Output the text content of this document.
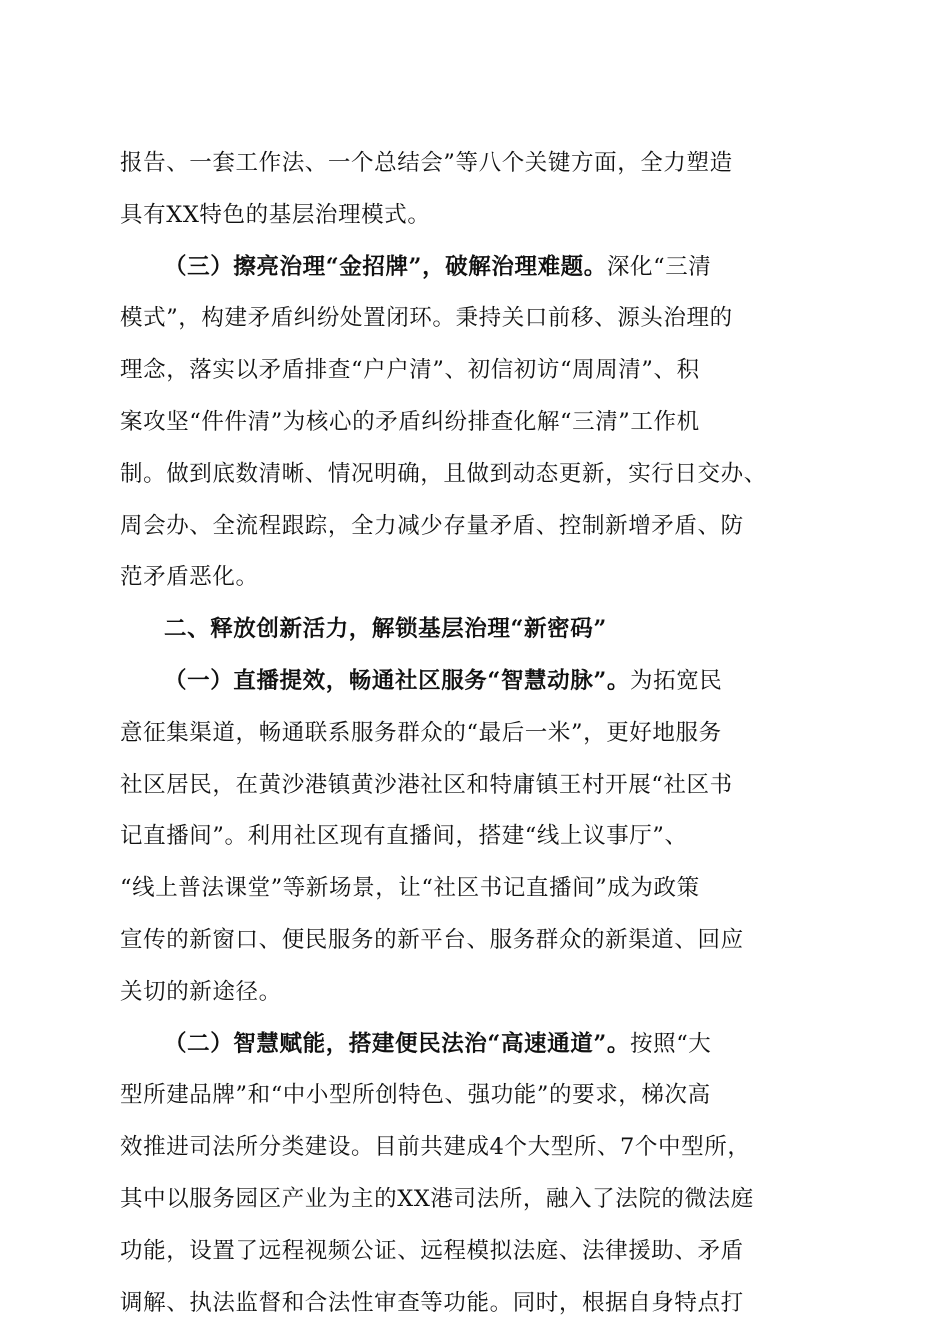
报告、一套工作法、一个总结会”等八个关键方面，全力塑造
具有XX特色的基层治理模式。
（三）擦亮治理“金招牌”，破解治理难题。深化“三清
模式”，构建矛盾纠纷处置闭环。秉持关口前移、源头治理的
理念，落实以矛盾排查“户户清”、初信初访“周周清”、积
案攻坚“件件清”为核心的矛盾纠纷排查化解“三清”工作机
制。做到底数清晰、情况明确，且做到动态更新，实行日交办、
周会办、全流程跟踪，全力减少存量矛盾、控制新增矛盾、防
范矛盾恶化。
二、释放创新活力，解锁基层治理“新密码”
（一）直播提效，畅通社区服务“智慧动脉”。为拓宽民
意征集渠道，畅通联系服务群众的“最后一米”，更好地服务
社区居民，在黄沙港镇黄沙港社区和特庸镇王村开展“社区书
记直播间”。利用社区现有直播间，搭建“线上议事厅”、
“线上普法课堂”等新场景，让“社区书记直播间”成为政策
宣传的新窗口、便民服务的新平台、服务群众的新渠道、回应
关切的新途径。
（二）智慧赋能，搭建便民法治“高速通道”。按照“大
型所建品牌”和“中小型所创特色、强功能”的要求，梯次高
效推进司法所分类建设。目前共建成4个大型所、7个中型所，
其中以服务园区产业为主的XX港司法所，融入了法院的微法庭
功能，设置了远程视频公证、远程模拟法庭、法律援助、矛盾
调解、执法监督和合法性审查等功能。同时，根据自身特点打
